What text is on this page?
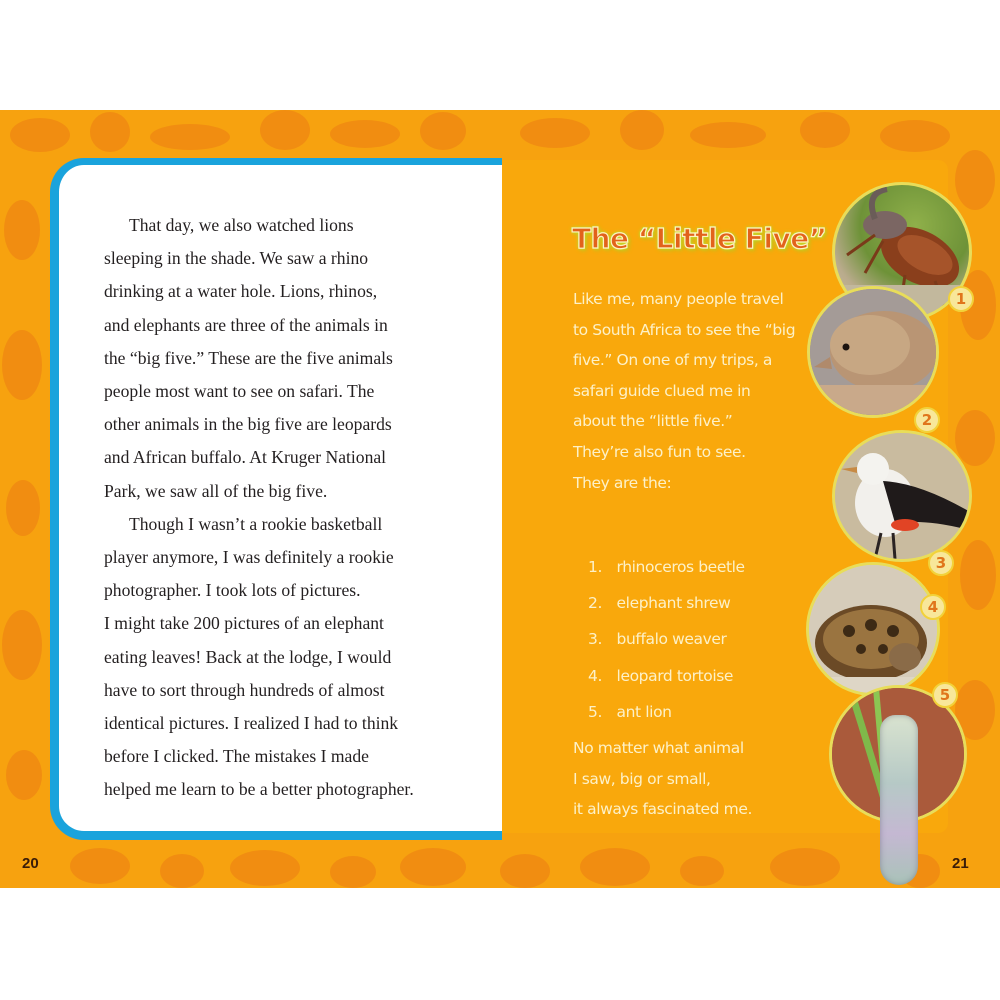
That day, we also watched lions
sleeping in the shade. We saw a rhino
drinking at a water hole. Lions, rhinos,
and elephants are three of the animals in
the “big five.” These are the five animals
people most want to see on safari. The
other animals in the big five are leopards
and African buffalo. At Kruger National
Park, we saw all of the big five.
Though I wasn’t a rookie basketball
player anymore, I was definitely a rookie
photographer. I took lots of pictures.
I might take 200 pictures of an elephant
eating leaves! Back at the lodge, I would
have to sort through hundreds of almost
identical pictures. I realized I had to think
before I clicked. The mistakes I made
helped me learn to be a better photographer.
20
The “Little Five”
Like me, many people travel
to South Africa to see the “big
five.” On one of my trips, a
safari guide clued me in
about the “little five.”
They’re also fun to see.
They are the:
1. rhinoceros beetle
2. elephant shrew
3. buffalo weaver
4. leopard tortoise
5. ant lion
No matter what animal
I saw, big or small,
it always fascinated me.
1
2
3
4
5
21
